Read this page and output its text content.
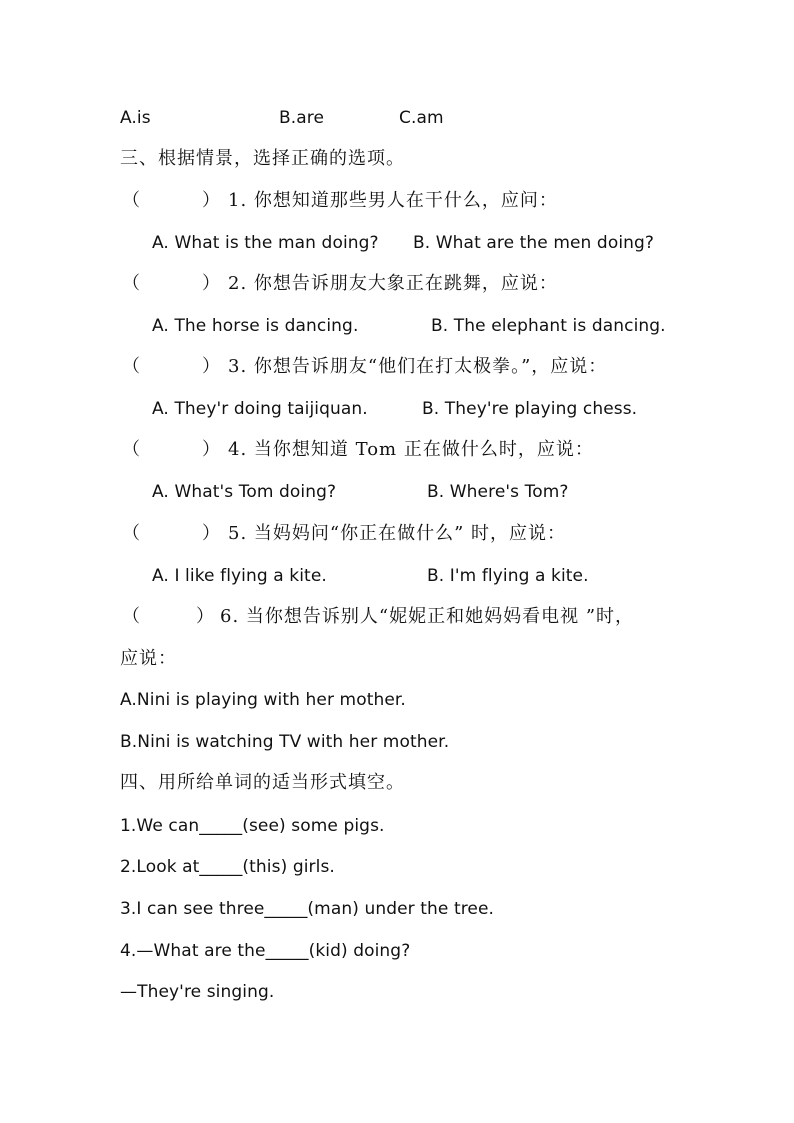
A.is	B.are	C.am
三、根据情景，选择正确的选项。
（	） 1. 你想知道那些男人在干什么，应问：
A. What is the man doing? B. What are the men doing?
（	） 2. 你想告诉朋友大象正在跳舞，应说：
A. The horse is dancing.	B. The elephant is dancing.
（	） 3. 你想告诉朋友“他们在打太极拳。”，应说：
A. They'r doing taijiquan.	B. They're playing chess.
（	） 4. 当你想知道 Tom 正在做什么时，应说：
A. What's Tom doing?	B. Where's Tom?
（	） 5. 当妈妈问“你正在做什么” 时，应说：
A. I like flying a kite.	B. I'm flying a kite.
（	） 6. 当你想告诉别人“妮妮正和她妈妈看电视 ”时，
应说：
A.Nini is playing with her mother.
B.Nini is watching TV with her mother.
四、用所给单词的适当形式填空。
1.We can_____(see) some pigs.
2.Look at_____(this) girls.
3.I can see three_____(man) under the tree.
4.—What are the_____(kid) doing?
—They're singing.
